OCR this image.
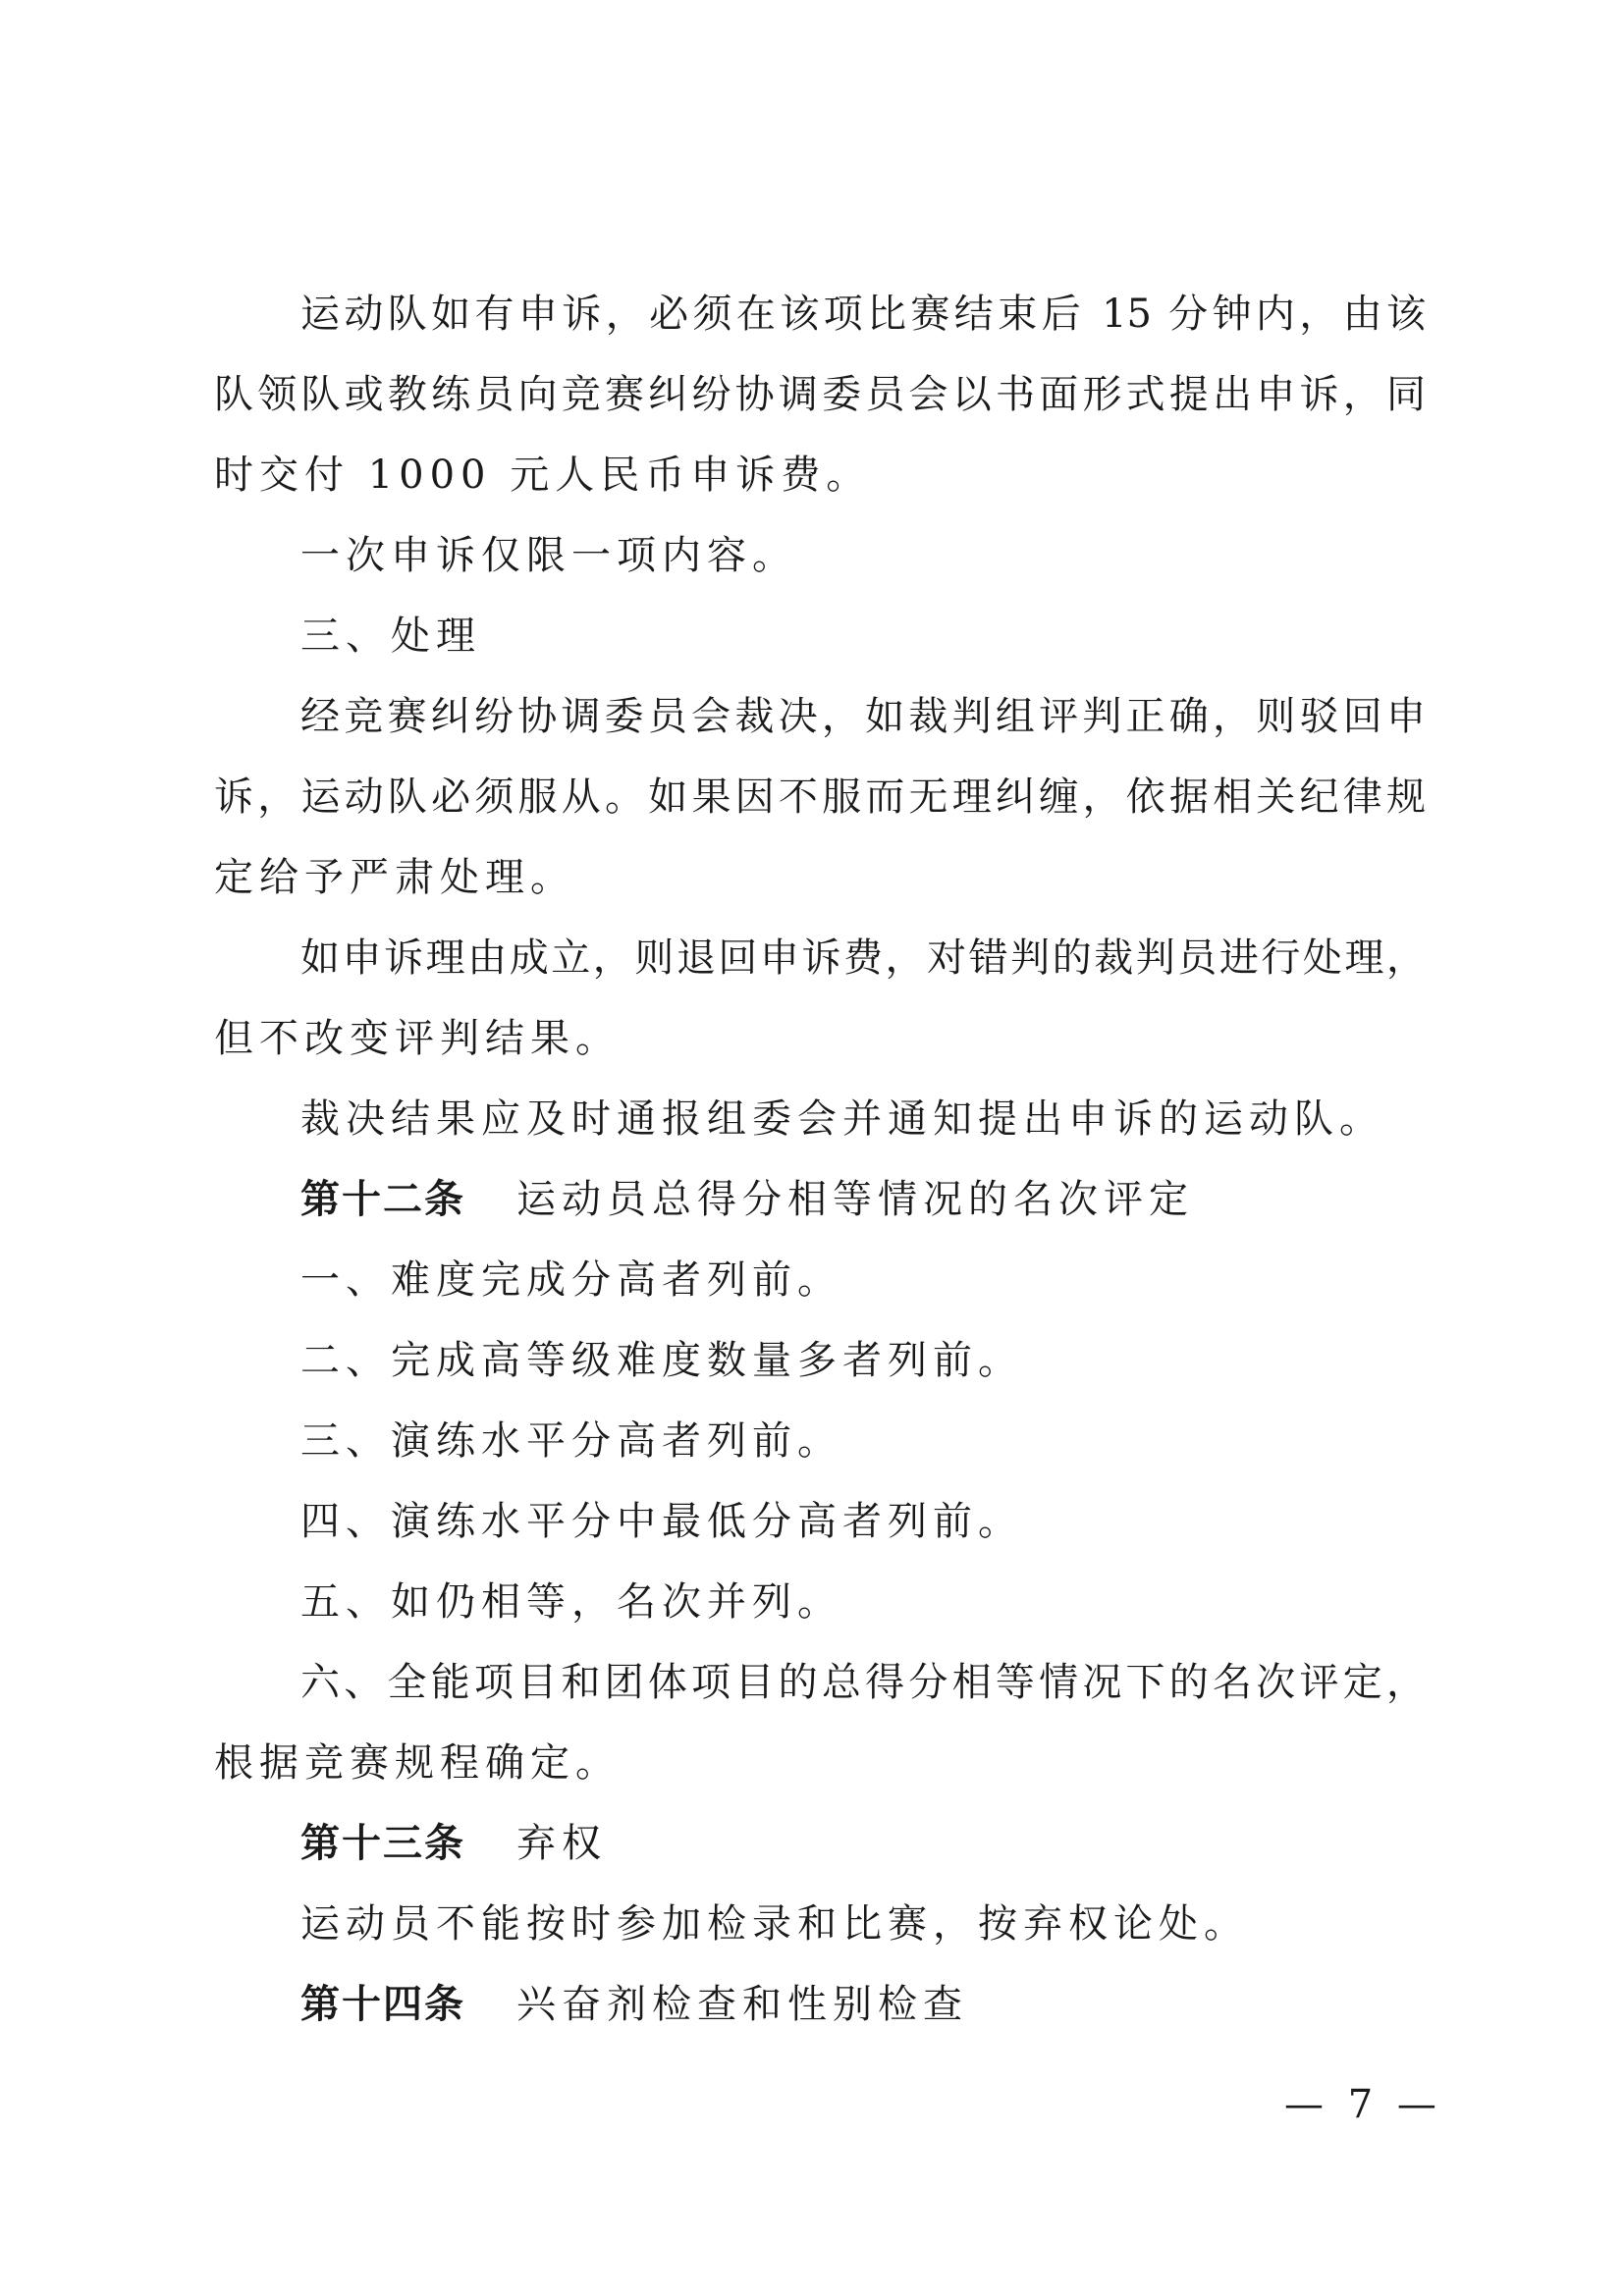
运动队如有申诉，必须在该项比赛结束后 15 分钟内，由该
队领队或教练员向竞赛纠纷协调委员会以书面形式提出申诉，同
时交付 1000 元人民币申诉费。
一次申诉仅限一项内容。
三、处理
经竞赛纠纷协调委员会裁决，如裁判组评判正确，则驳回申
诉，运动队必须服从。如果因不服而无理纠缠，依据相关纪律规
定给予严肃处理。
如申诉理由成立，则退回申诉费，对错判的裁判员进行处理，
但不改变评判结果。
裁决结果应及时通报组委会并通知提出申诉的运动队。
第十二条 运动员总得分相等情况的名次评定
一、难度完成分高者列前。
二、完成高等级难度数量多者列前。
三、演练水平分高者列前。
四、演练水平分中最低分高者列前。
五、如仍相等，名次并列。
六、全能项目和团体项目的总得分相等情况下的名次评定，
根据竞赛规程确定。
第十三条 弃权
运动员不能按时参加检录和比赛，按弃权论处。
第十四条 兴奋剂检查和性别检查
— 7 —
